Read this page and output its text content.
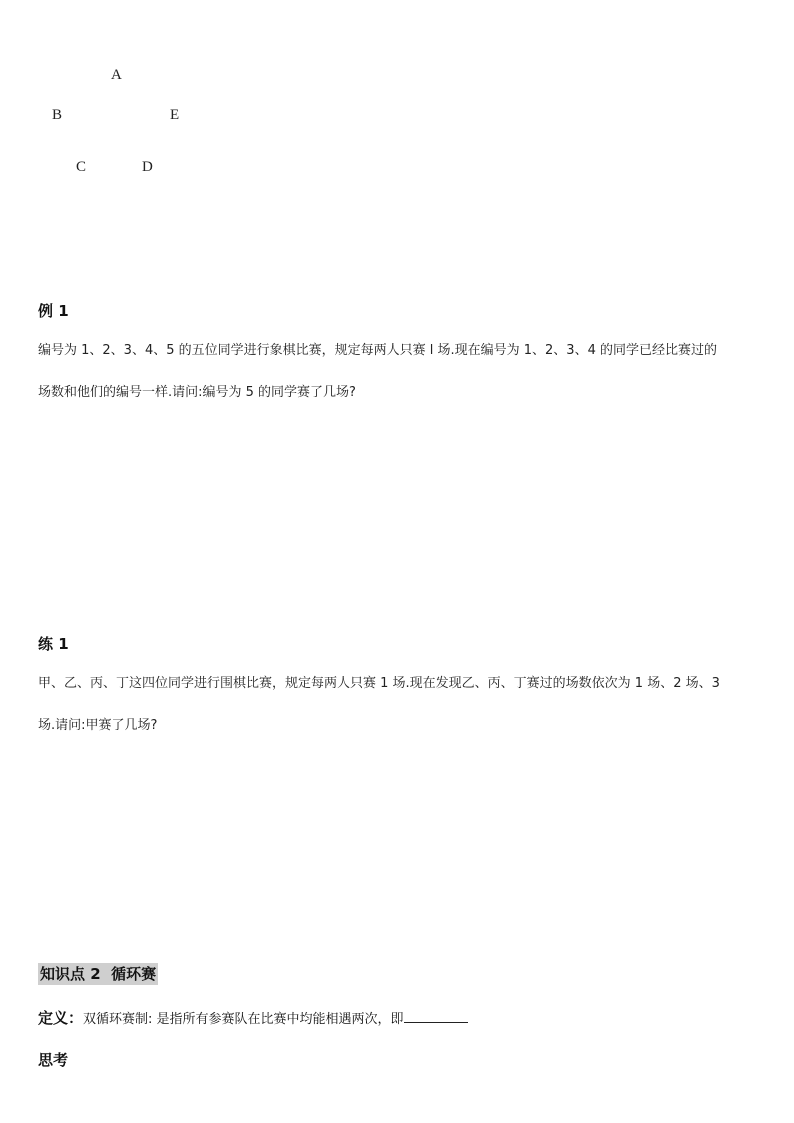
A
B	E
C	D
例 1
编号为 1、2、3、4、5 的五位同学进行象棋比赛，规定每两人只赛 l 场.现在编号为 1、2、3、4 的同学已经比赛过的
场数和他们的编号一样.请问:编号为 5 的同学赛了几场?
练 1
甲、乙、丙、丁这四位同学进行围棋比赛，规定每两人只赛 1 场.现在发现乙、丙、丁赛过的场数依次为 1 场、2 场、3
场.请问:甲赛了几场?
知识点 2  循环赛
定义：双循环赛制: 是指所有参赛队在比赛中均能相遇两次，即
思考
